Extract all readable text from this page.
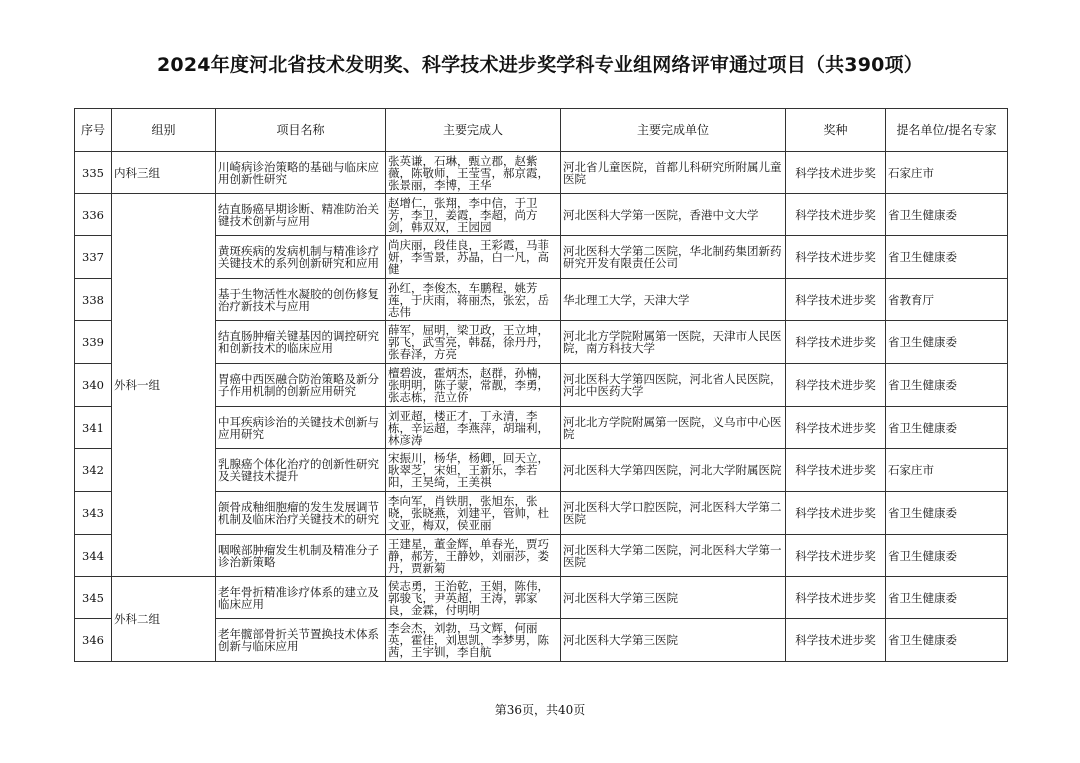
2024年度河北省技术发明奖、科学技术进步奖学科专业组网络评审通过项目（共390项）
序号	组别	项目名称	主要完成人	主要完成单位	奖种	提名单位/提名专家
335	内科三组	川崎病诊治策略的基础与临床应用创新性研究	张英谦，石琳，甄立郡，赵紫薇，陈敬师，王莹雪，郝京霞，张景丽，李博，王华	河北省儿童医院，首都儿科研究所附属儿童医院	科学技术进步奖	石家庄市
336	外科一组	结直肠癌早期诊断、精准防治关键技术创新与应用	赵增仁，张翔，李中信，于卫芳，李卫，姜霞，李超，尚方剑，韩双双，王园园	河北医科大学第一医院，香港中文大学	科学技术进步奖	省卫生健康委
337		黄斑疾病的发病机制与精准诊疗关键技术的系列创新研究和应用	尚庆丽，段佳良，王彩霞，马菲妍，李雪景，苏晶，白一凡，高健	河北医科大学第二医院，华北制药集团新药研究开发有限责任公司	科学技术进步奖	省卫生健康委
338		基于生物活性水凝胶的创伤修复治疗新技术与应用	孙红，李俊杰，车鹏程，姚芳莲，于庆雨，蒋丽杰，张宏，岳志伟	华北理工大学，天津大学	科学技术进步奖	省教育厅
339		结直肠肿瘤关键基因的调控研究和创新技术的临床应用	薛军，屈明，梁卫政，王立坤，郭飞，武雪亮，韩磊，徐丹丹，张春泽，方亮	河北北方学院附属第一医院，天津市人民医院，南方科技大学	科学技术进步奖	省卫生健康委
340		胃癌中西医融合防治策略及新分子作用机制的创新应用研究	檀碧波，霍炳杰，赵群，孙楠，张明明，陈子蒙，常靓，李勇，张志栋，范立侨	河北医科大学第四医院，河北省人民医院，河北中医药大学	科学技术进步奖	省卫生健康委
341		中耳疾病诊治的关键技术创新与应用研究	刘亚超，楼正才，丁永清，李栋，辛运超，李燕萍，胡瑞利，林彦涛	河北北方学院附属第一医院，义乌市中心医院	科学技术进步奖	省卫生健康委
342		乳腺癌个体化治疗的创新性研究及关键技术提升	宋振川，杨华，杨卿，回天立，耿翠芝，宋妲，王新乐，李若阳，王昊绮，王美祺	河北医科大学第四医院，河北大学附属医院	科学技术进步奖	石家庄市
343		颌骨成釉细胞瘤的发生发展调节机制及临床治疗关键技术的研究	李向军，肖铁朋，张旭东，张晓，张晓燕，刘建平，管帅，杜文亚，梅双，侯亚丽	河北医科大学口腔医院，河北医科大学第二医院	科学技术进步奖	省卫生健康委
344		咽喉部肿瘤发生机制及精准分子诊治新策略	王建星，董金辉，单春光，贾巧静，郝芳，王静妙，刘丽莎，娄丹，贾新菊	河北医科大学第二医院，河北医科大学第一医院	科学技术进步奖	省卫生健康委
345	外科二组	老年骨折精准诊疗体系的建立及临床应用	侯志勇，王治乾，王娟，陈伟，郭骏飞，尹英超，王涛，郭家良，金霖，付明明	河北医科大学第三医院	科学技术进步奖	省卫生健康委
346		老年髋部骨折关节置换技术体系创新与临床应用	李会杰，刘勃，马文辉，何丽英，霍佳，刘思凯，李梦男，陈茜，王宇钏，李自航	河北医科大学第三医院	科学技术进步奖	省卫生健康委
第36页，共40页
